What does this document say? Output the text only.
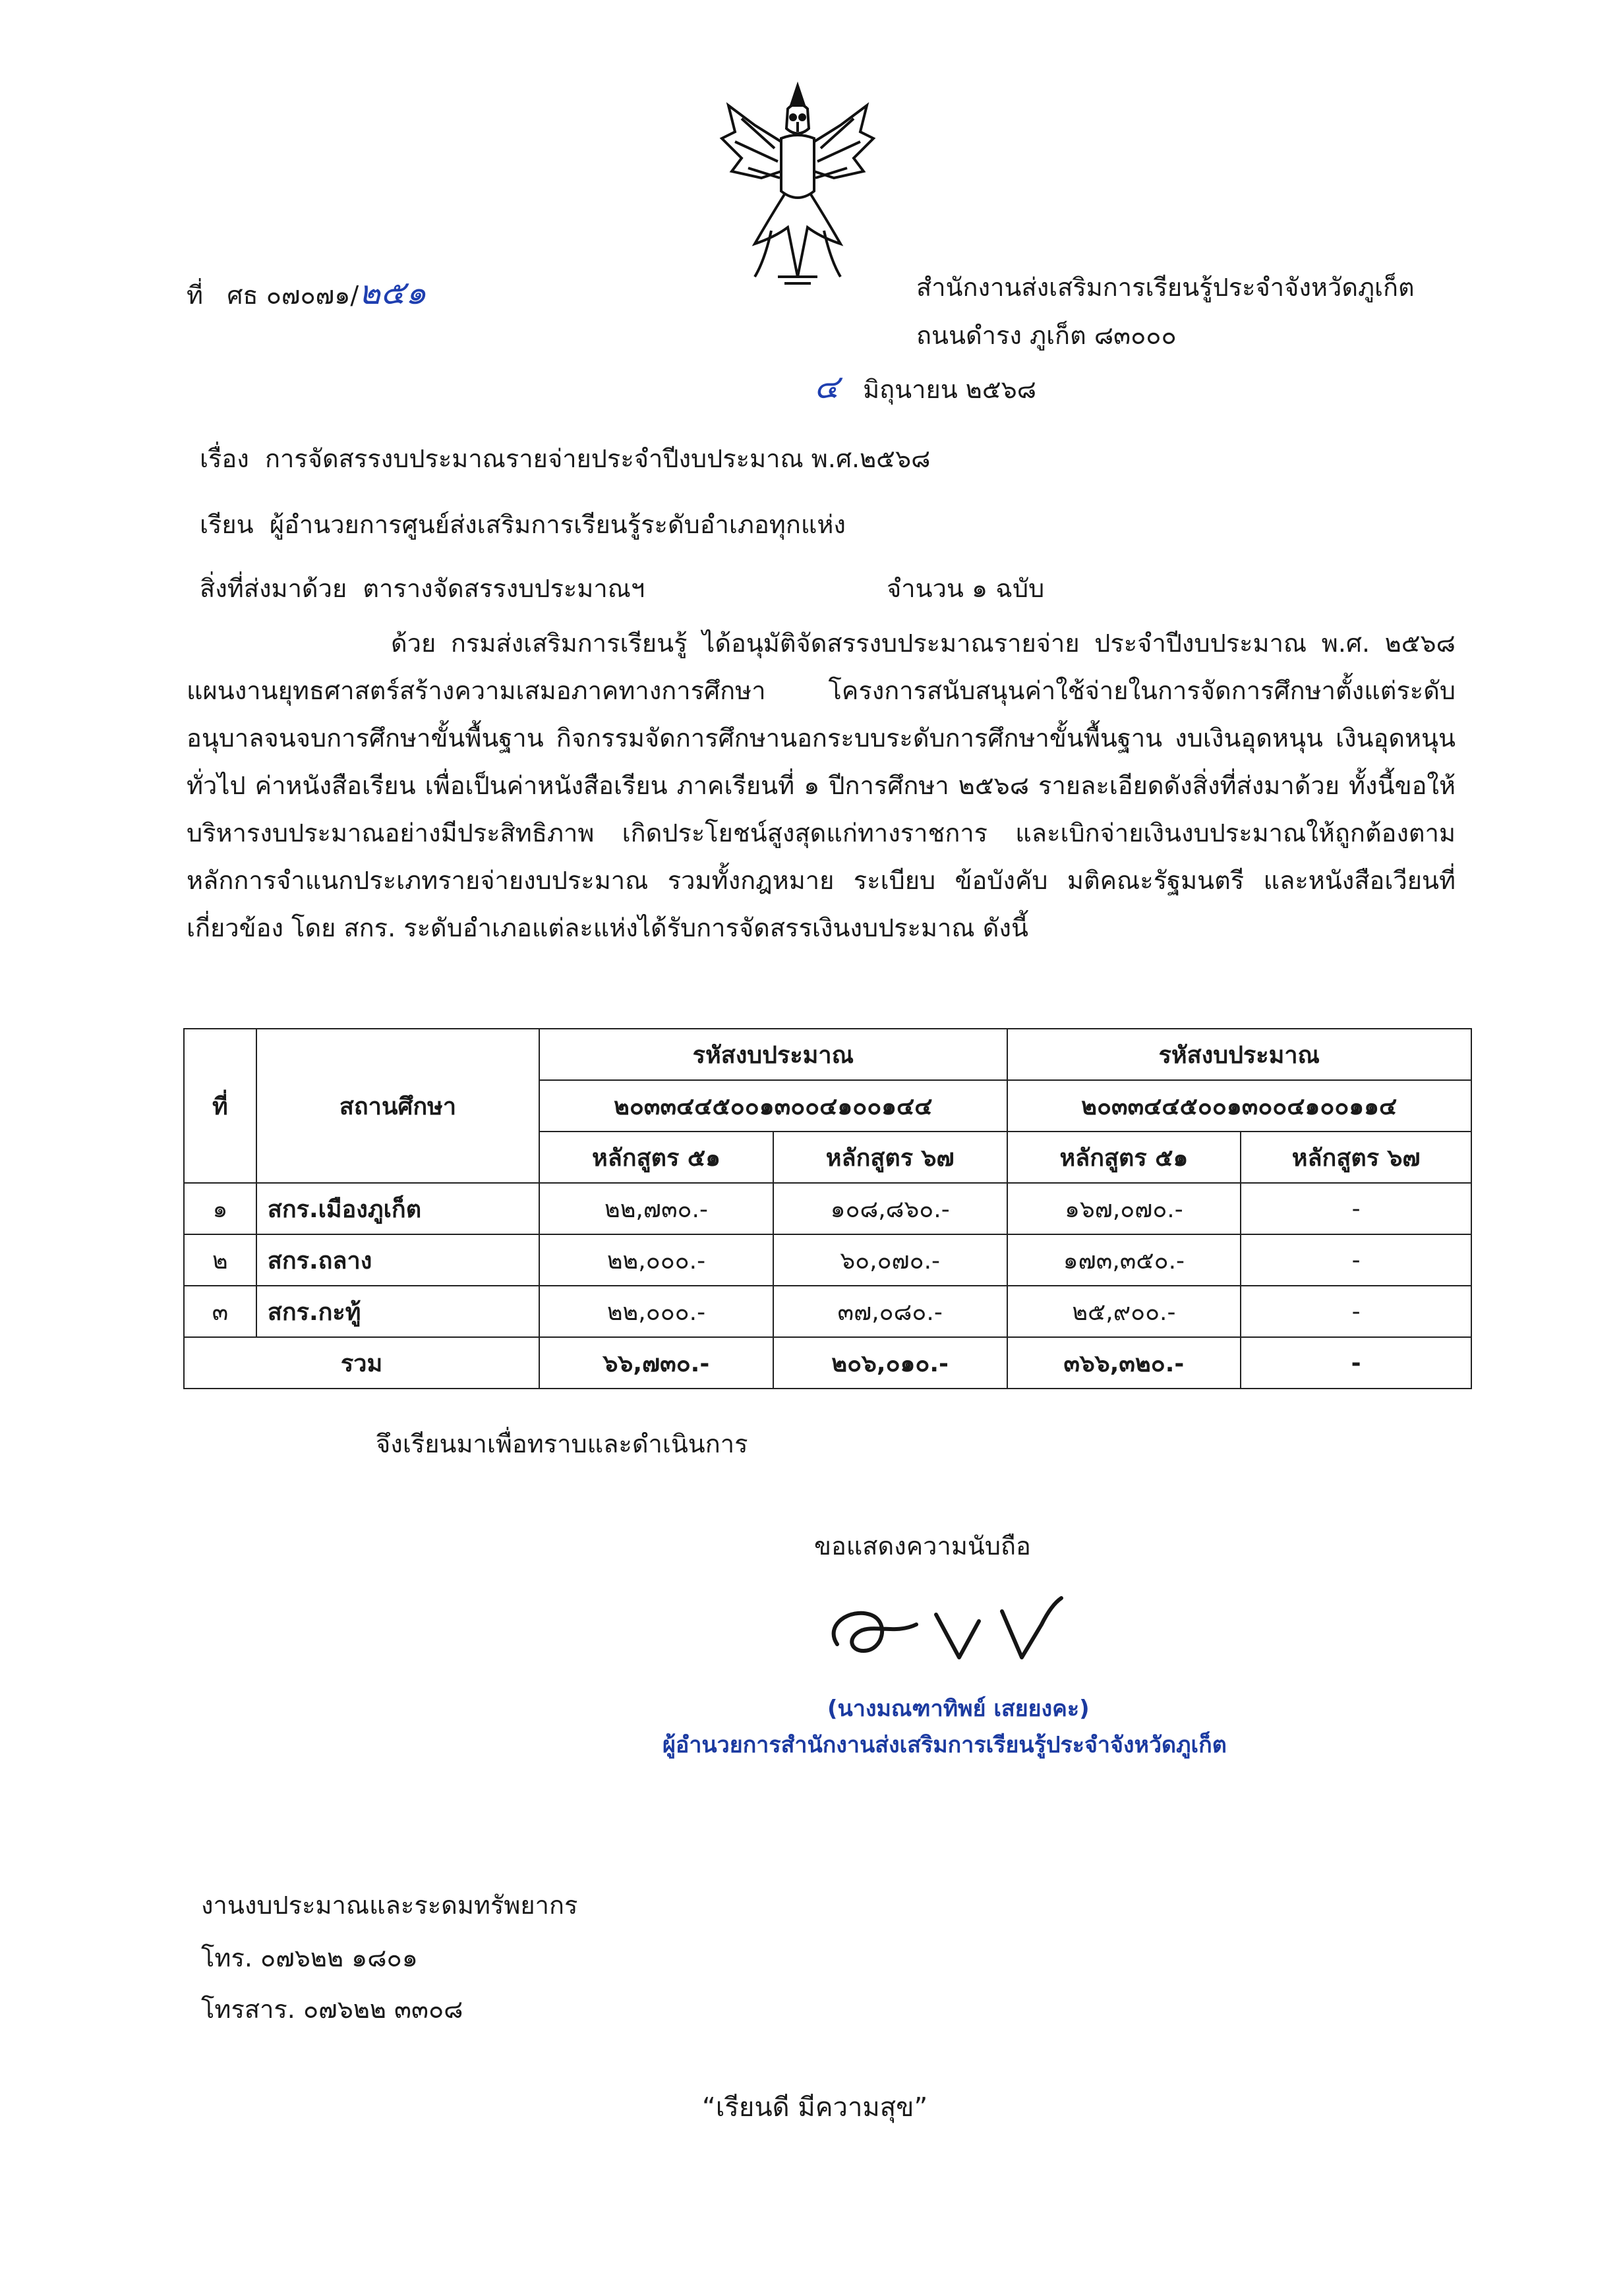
ที่ ศธ ๐๗๐๗๑/๒๕๑	สำนักงานส่งเสริมการเรียนรู้ประจำจังหวัดภูเก็ต
ถนนดำรง ภูเก็ต ๘๓๐๐๐
๔ มิถุนายน ๒๕๖๘
เรื่อง การจัดสรรงบประมาณรายจ่ายประจำปีงบประมาณ พ.ศ.๒๕๖๘
เรียน ผู้อำนวยการศูนย์ส่งเสริมการเรียนรู้ระดับอำเภอทุกแห่ง
สิ่งที่ส่งมาด้วย ตารางจัดสรรงบประมาณฯ	จำนวน ๑ ฉบับ
ด้วย กรมส่งเสริมการเรียนรู้ ได้อนุมัติจัดสรรงบประมาณรายจ่าย ประจำปีงบประมาณ พ.ศ. ๒๕๖๘ แผนงานยุทธศาสตร์สร้างความเสมอภาคทางการศึกษา โครงการสนับสนุนค่าใช้จ่ายในการจัดการศึกษาตั้งแต่ระดับอนุบาลจนจบการศึกษาขั้นพื้นฐาน กิจกรรมจัดการศึกษานอกระบบระดับการศึกษาขั้นพื้นฐาน งบเงินอุดหนุน เงินอุดหนุนทั่วไป ค่าหนังสือเรียน เพื่อเป็นค่าหนังสือเรียน ภาคเรียนที่ ๑ ปีการศึกษา ๒๕๖๘ รายละเอียดดังสิ่งที่ส่งมาด้วย ทั้งนี้ขอให้บริหารงบประมาณอย่างมีประสิทธิภาพ เกิดประโยชน์สูงสุดแก่ทางราชการ และเบิกจ่ายเงินงบประมาณให้ถูกต้องตามหลักการจำแนกประเภทรายจ่ายงบประมาณ รวมทั้งกฎหมาย ระเบียบ ข้อบังคับ มติคณะรัฐมนตรี และหนังสือเวียนที่เกี่ยวข้อง โดย สกร. ระดับอำเภอแต่ละแห่งได้รับการจัดสรรเงินงบประมาณ ดังนี้
ที่	สถานศึกษา	รหัสงบประมาณ		รหัสงบประมาณ	
		๒๐๓๓๔๔๕๐๐๑๓๐๐๔๑๐๐๑๔๔		๒๐๓๓๔๔๕๐๐๑๓๐๐๔๑๐๐๑๑๔	
		หลักสูตร ๕๑	หลักสูตร ๖๗	หลักสูตร ๕๑	หลักสูตร ๖๗
๑	สกร.เมืองภูเก็ต	๒๒,๗๓๐.-	๑๐๘,๘๖๐.-	๑๖๗,๐๗๐.-	-
๒	สกร.ถลาง	๒๒,๐๐๐.-	๖๐,๐๗๐.-	๑๗๓,๓๕๐.-	-
๓	สกร.กะทู้	๒๒,๐๐๐.-	๓๗,๐๘๐.-	๒๕,๙๐๐.-	-
รวม		๖๖,๗๓๐.-	๒๐๖,๐๑๐.-	๓๖๖,๓๒๐.-	-
จึงเรียนมาเพื่อทราบและดำเนินการ
ขอแสดงความนับถือ
(นางมณฑาทิพย์ เสยยงคะ)
ผู้อำนวยการสำนักงานส่งเสริมการเรียนรู้ประจำจังหวัดภูเก็ต
งานงบประมาณและระดมทรัพยากร
โทร. ๐๗๖๒๒ ๑๘๐๑
โทรสาร. ๐๗๖๒๒ ๓๓๐๘
“เรียนดี มีความสุข”
